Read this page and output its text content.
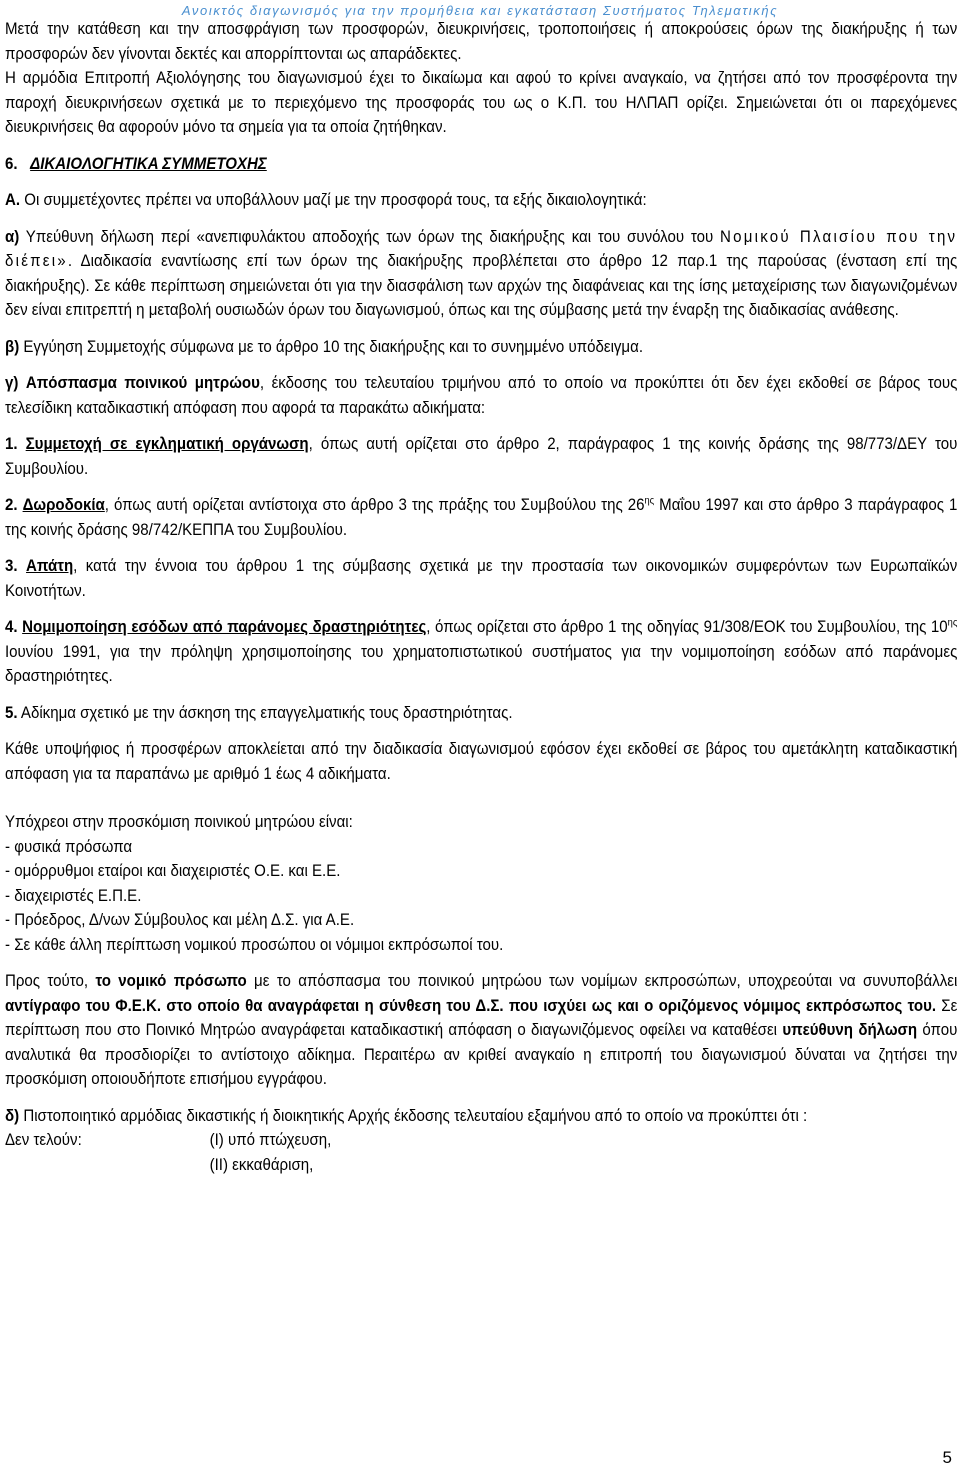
Ανοικτός διαγωνισμός για την προμήθεια και εγκατάσταση Συστήματος Τηλεματικής

Μετά την κατάθεση και την αποσφράγιση των προσφορών, διευκρινήσεις, τροποποιήσεις ή αποκρούσεις όρων της διακήρυξης ή των προσφορών δεν γίνονται δεκτές και απορρίπτονται ως απαράδεκτες.

Η αρμόδια Επιτροπή Αξιολόγησης του διαγωνισμού έχει το δικαίωμα και αφού το κρίνει αναγκαίο, να ζητήσει από τον προσφέροντα την παροχή διευκρινήσεων σχετικά με το περιεχόμενο της προσφοράς του ως ο Κ.Π. του ΗΛΠΑΠ ορίζει. Σημειώνεται ότι οι παρεχόμενες διευκρινήσεις θα αφορούν μόνο τα σημεία για τα οποία ζητήθηκαν.

6. ΔΙΚΑΙΟΛΟΓΗΤΙΚΑ ΣΥΜΜΕΤΟΧΗΣ

Α. Οι συμμετέχοντες πρέπει να υποβάλλουν μαζί με την προσφορά τους, τα εξής δικαιολογητικά:

α) Υπεύθυνη δήλωση περί «ανεπιφυλάκτου αποδοχής των όρων της διακήρυξης και του συνόλου του Νομικού Πλαισίου που την διέπει». Διαδικασία εναντίωσης επί των όρων της διακήρυξης προβλέπεται στο άρθρο 12 παρ.1 της παρούσας (ένσταση επί της διακήρυξης). Σε κάθε περίπτωση σημειώνεται ότι για την διασφάλιση των αρχών της διαφάνειας και της ίσης μεταχείρισης των διαγωνιζομένων δεν είναι επιτρεπτή η μεταβολή ουσιωδών όρων του διαγωνισμού, όπως και της σύμβασης μετά την έναρξη της διαδικασίας ανάθεσης.

β) Εγγύηση Συμμετοχής σύμφωνα με το άρθρο 10 της διακήρυξης και το συνημμένο υπόδειγμα.

γ) Απόσπασμα ποινικού μητρώου, έκδοσης του τελευταίου τριμήνου από το οποίο να προκύπτει ότι δεν έχει εκδοθεί σε βάρος τους τελεσίδικη καταδικαστική απόφαση που αφορά τα παρακάτω αδικήματα:

1. Συμμετοχή σε εγκληματική οργάνωση, όπως αυτή ορίζεται στο άρθρο 2, παράγραφος 1 της κοινής δράσης της 98/773/ΔΕΥ του Συμβουλίου.

2. Δωροδοκία, όπως αυτή ορίζεται αντίστοιχα στο άρθρο 3 της πράξης του Συμβούλου της $26^{\eta\varsigma}$ Μαΐου 1997 και στο άρθρο 3 παράγραφος 1 της κοινής δράσης 98/742/ΚΕΠΠΑ του Συμβουλίου.

3. Απάτη, κατά την έννοια του άρθρου 1 της σύμβασης σχετικά με την προστασία των οικονομικών συμφερόντων των Ευρωπαϊκών Κοινοτήτων.

4. Νομιμοποίηση εσόδων από παράνομες δραστηριότητες, όπως ορίζεται στο άρθρο 1 της οδηγίας 91/308/ΕΟΚ του Συμβουλίου, της $10^{\eta\varsigma}$ Ιουνίου 1991, για την πρόληψη χρησιμοποίησης του χρηματοπιστωτικού συστήματος για την νομιμοποίηση εσόδων από παράνομες δραστηριότητες.

5. Αδίκημα σχετικό με την άσκηση της επαγγελματικής τους δραστηριότητας.

Κάθε υποψήφιος ή προσφέρων αποκλείεται από την διαδικασία διαγωνισμού εφόσον έχει εκδοθεί σε βάρος του αμετάκλητη καταδικαστική απόφαση για τα παραπάνω με αριθμό 1 έως 4 αδικήματα.

Υπόχρεοι στην προσκόμιση ποινικού μητρώου είναι:

- φυσικά πρόσωπα

- ομόρρυθμοι εταίροι και διαχειριστές Ο.Ε. και Ε.Ε.

- διαχειριστές Ε.Π.Ε.

- Πρόεδρος, Δ/νων Σύμβουλος και μέλη Δ.Σ. για Α.Ε.

- Σε κάθε άλλη περίπτωση νομικού προσώπου οι νόμιμοι εκπρόσωποί του.

Προς τούτο, το νομικό πρόσωπο με το απόσπασμα του ποινικού μητρώου των νομίμων εκπροσώπων, υποχρεούται να συνυποβάλλει αντίγραφο του Φ.Ε.Κ. στο οποίο θα αναγράφεται η σύνθεση του Δ.Σ. που ισχύει ως και ο οριζόμενος νόμιμος εκπρόσωπος του. Σε περίπτωση που στο Ποινικό Μητρώο αναγράφεται καταδικαστική απόφαση ο διαγωνιζόμενος οφείλει να καταθέσει υπεύθυνη δήλωση όπου αναλυτικά θα προσδιορίζει το αντίστοιχο αδίκημα. Περαιτέρω αν κριθεί αναγκαίο η επιτροπή του διαγωνισμού δύναται να ζητήσει την προσκόμιση οποιουδήποτε επισήμου εγγράφου.

δ) Πιστοποιητικό αρμόδιας δικαστικής ή διοικητικής Αρχής έκδοσης τελευταίου εξαμήνου από το οποίο να προκύπτει ότι :

Δεν τελούν:	(I) υπό πτώχευση,

(II) εκκαθάριση,

5
